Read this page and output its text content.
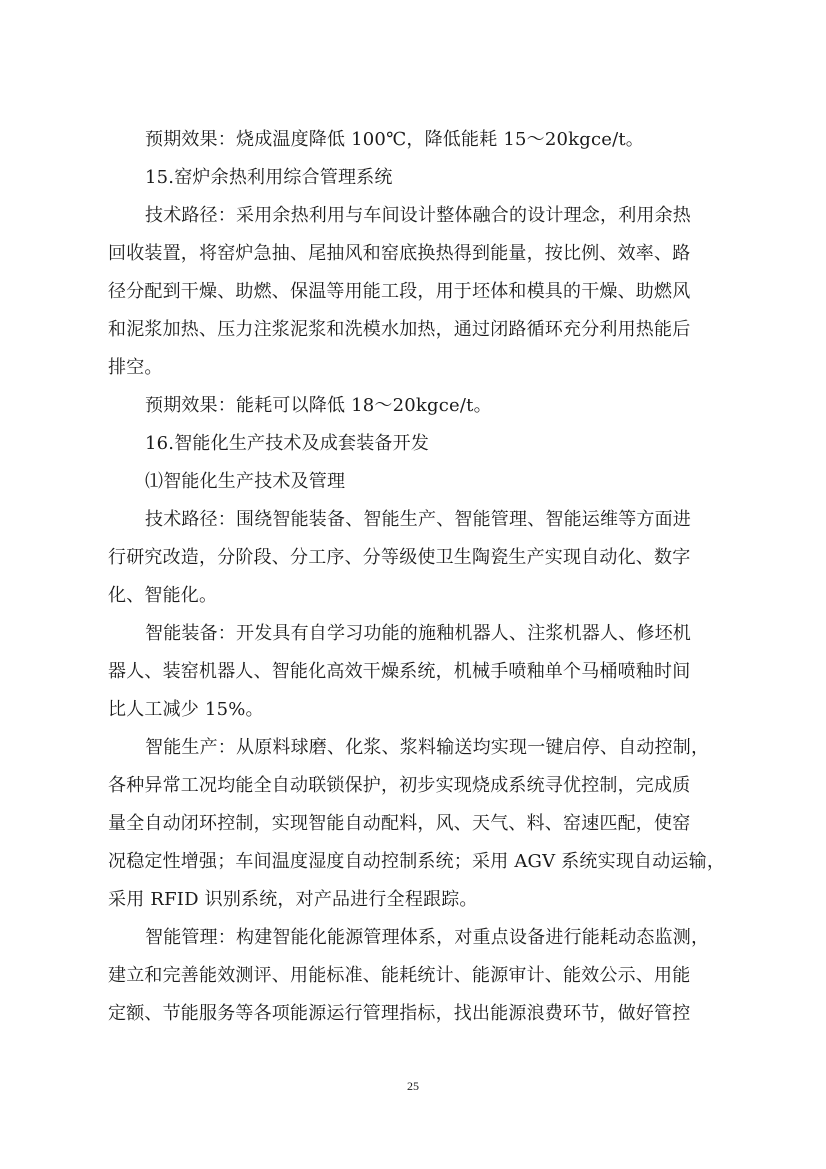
预期效果：烧成温度降低 100℃，降低能耗 15～20kgce/t。
15.窑炉余热利用综合管理系统
技术路径：采用余热利用与车间设计整体融合的设计理念，利用余热
回收装置，将窑炉急抽、尾抽风和窑底换热得到能量，按比例、效率、路
径分配到干燥、助燃、保温等用能工段，用于坯体和模具的干燥、助燃风
和泥浆加热、压力注浆泥浆和洗模水加热，通过闭路循环充分利用热能后
排空。
预期效果：能耗可以降低 18～20kgce/t。
16.智能化生产技术及成套装备开发
⑴智能化生产技术及管理
技术路径：围绕智能装备、智能生产、智能管理、智能运维等方面进
行研究改造，分阶段、分工序、分等级使卫生陶瓷生产实现自动化、数字
化、智能化。
智能装备：开发具有自学习功能的施釉机器人、注浆机器人、修坯机
器人、装窑机器人、智能化高效干燥系统，机械手喷釉单个马桶喷釉时间
比人工减少 15%。
智能生产：从原料球磨、化浆、浆料输送均实现一键启停、自动控制，
各种异常工况均能全自动联锁保护，初步实现烧成系统寻优控制，完成质
量全自动闭环控制，实现智能自动配料，风、天气、料、窑速匹配，使窑
况稳定性增强；车间温度湿度自动控制系统；采用 AGV 系统实现自动运输，
采用 RFID 识别系统，对产品进行全程跟踪。
智能管理：构建智能化能源管理体系，对重点设备进行能耗动态监测，
建立和完善能效测评、用能标准、能耗统计、能源审计、能效公示、用能
定额、节能服务等各项能源运行管理指标，找出能源浪费环节，做好管控
25
